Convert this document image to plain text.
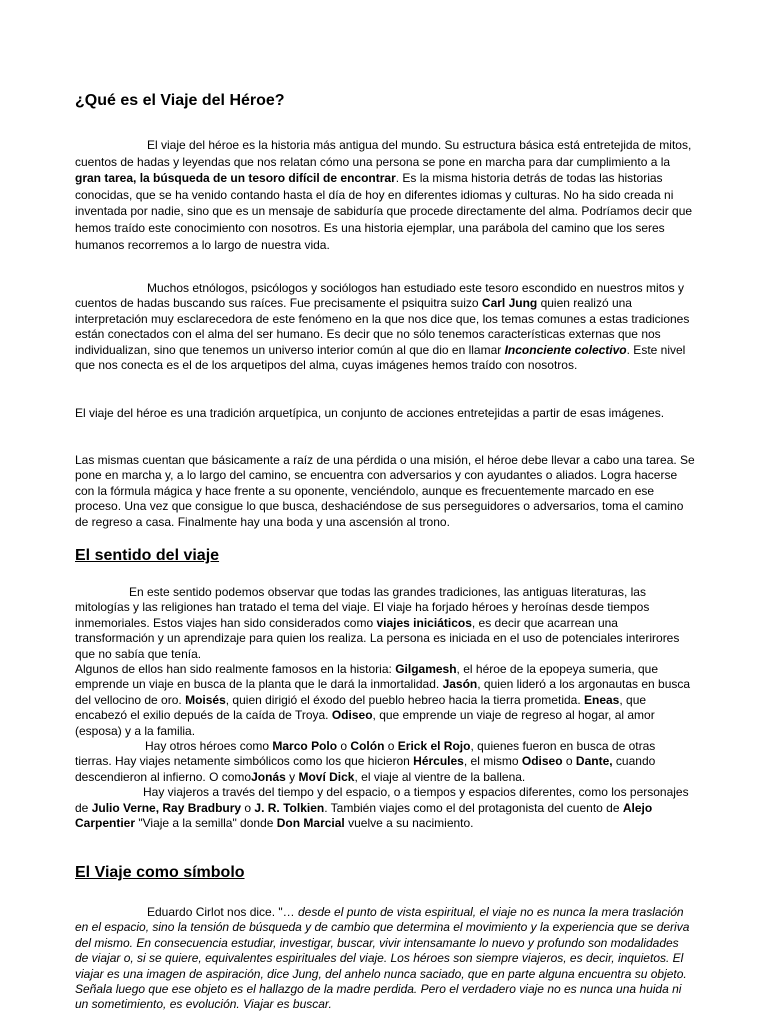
¿Qué es el Viaje del Héroe?

El viaje del héroe es la historia más antigua del mundo. Su estructura básica está entretejida de mitos, cuentos de hadas y leyendas que nos relatan cómo una persona se pone en marcha para dar cumplimiento a la gran tarea, la búsqueda de un tesoro difícil de encontrar. Es la misma historia detrás de todas las historias conocidas, que se ha venido contando hasta el día de hoy en diferentes idiomas y culturas. No ha sido creada ni inventada por nadie, sino que es un mensaje de sabiduría que procede directamente del alma. Podríamos decir que hemos traído este conocimiento con nosotros. Es una historia ejemplar, una parábola del camino que los seres humanos recorremos a lo largo de nuestra vida.

Muchos etnólogos, psicólogos y sociólogos han estudiado este tesoro escondido en nuestros mitos y cuentos de hadas buscando sus raíces. Fue precisamente el psiquitra suizo Carl Jung quien realizó una interpretación muy esclarecedora de este fenómeno en la que nos dice que, los temas comunes a estas tradiciones están conectados con el alma del ser humano. Es decir que no sólo tenemos características externas que nos individualizan, sino que tenemos un universo interior común al que dio en llamar Inconciente colectivo. Este nivel que nos conecta es el de los arquetipos del alma, cuyas imágenes hemos traído con nosotros.

El viaje del héroe es una tradición arquetípica, un conjunto de acciones entretejidas a partir de esas imágenes.

Las mismas cuentan que básicamente a raíz de una pérdida o una misión, el héroe debe llevar a cabo una tarea. Se pone en marcha y, a lo largo del camino, se encuentra con adversarios y con ayudantes o aliados. Logra hacerse con la fórmula mágica y hace frente a su oponente, venciéndolo, aunque es frecuentemente marcado en ese proceso. Una vez que consigue lo que busca, deshaciéndose de sus perseguidores o adversarios, toma el camino de regreso a casa. Finalmente hay una boda y una ascensión al trono.

El sentido del viaje

En este sentido podemos observar que todas las grandes tradiciones, las antiguas literaturas, las mitologías y las religiones han tratado el tema del viaje. El viaje ha forjado héroes y heroínas desde tiempos inmemoriales. Estos viajes han sido considerados como viajes iniciáticos, es decir que acarrean una transformación y un aprendizaje para quien los realiza. La persona es iniciada en el uso de potenciales interirores que no sabía que tenía.
Algunos de ellos han sido realmente famosos en la historia: Gilgamesh, el héroe de la epopeya sumeria, que emprende un viaje en busca de la planta que le dará la inmortalidad. Jasón, quien lideró a los argonautas en busca del vellocino de oro. Moisés, quien dirigió el éxodo del pueblo hebreo hacia la tierra prometida. Eneas, que encabezó el exilio depués de la caída de Troya. Odiseo, que emprende un viaje de regreso al hogar, al amor (esposa) y a la familia.
Hay otros héroes como Marco Polo o Colón o Erick el Rojo, quienes fueron en busca de otras tierras. Hay viajes netamente simbólicos como los que hicieron Hércules, el mismo Odiseo o Dante, cuando descendieron al infierno. O comoJonás y Moví Dick, el viaje al vientre de la ballena.
Hay viajeros a través del tiempo y del espacio, o a tiempos y espacios diferentes, como los personajes de Julio Verne, Ray Bradbury o J. R. Tolkien. También viajes como el del protagonista del cuento de Alejo Carpentier "Viaje a la semilla" donde Don Marcial vuelve a su nacimiento.

El Viaje como símbolo

Eduardo Cirlot nos dice. "… desde el punto de vista espiritual, el viaje no es nunca la mera traslación en el espacio, sino la tensión de búsqueda y de cambio que determina el movimiento y la experiencia que se deriva del mismo. En consecuencia estudiar, investigar, buscar, vivir intensamante lo nuevo y profundo son modalidades de viajar o, si se quiere, equivalentes espirituales del viaje. Los héroes son siempre viajeros, es decir, inquietos. El viajar es una imagen de aspiración, dice Jung, del anhelo nunca saciado, que en parte alguna encuentra su objeto. Señala luego que ese objeto es el hallazgo de la madre perdida. Pero el verdadero viaje no es nunca una huida ni un sometimiento, es evolución. Viajar es buscar.
